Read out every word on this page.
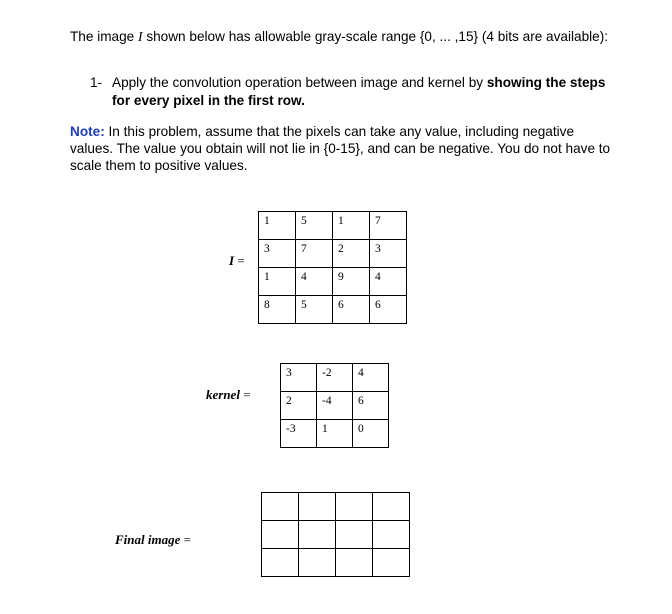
The image I shown below has allowable gray-scale range {0, ... ,15} (4 bits are available):
1- Apply the convolution operation between image and kernel by showing the steps for every pixel in the first row.
Note: In this problem, assume that the pixels can take any value, including negative values. The value you obtain will not lie in {0-15}, and can be negative. You do not have to scale them to positive values.
I =
1	5	1	7
3	7	2	3
1	4	9	4
8	5	6	6
kernel =
3	-2	4
2	-4	6
-3	1	0
Final image =
